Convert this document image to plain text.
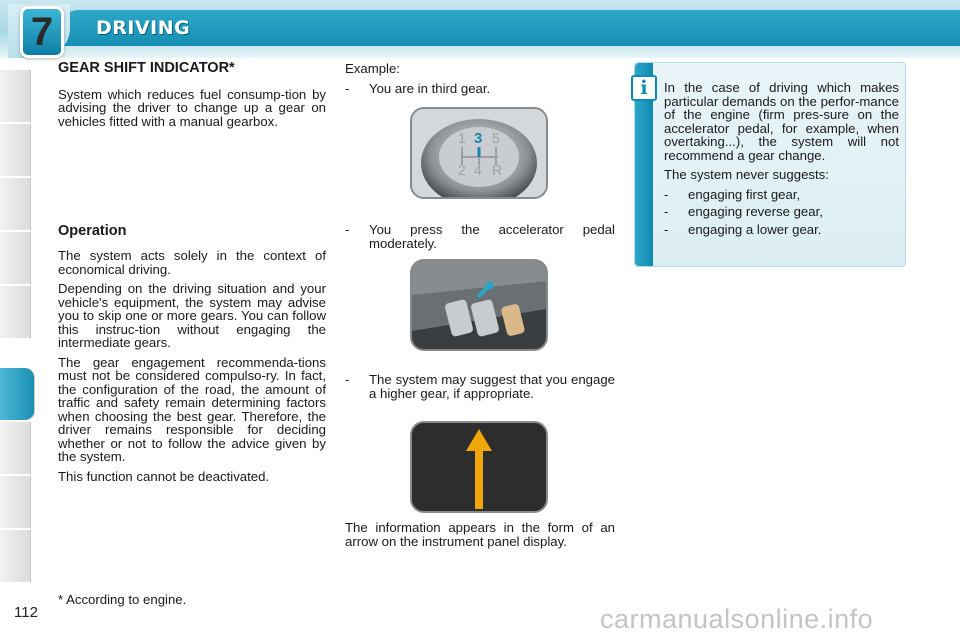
7	DRIVING
112
GEAR SHIFT INDICATOR*

System which reduces fuel consump-tion by advising the driver to change up a gear on vehicles fitted with a manual gearbox.

Operation

The system acts solely in the context of economical driving.

Depending on the driving situation and your vehicle's equipment, the system may advise you to skip one or more gears. You can follow this instruc-tion without engaging the intermediate gears.

The gear engagement recommenda-tions must not be considered compulso-ry. In fact, the configuration of the road, the amount of traffic and safety remain determining factors when choosing the best gear. Therefore, the driver remains responsible for deciding whether or not to follow the advice given by the system.

This function cannot be deactivated.

* According to engine.

Example:

-	You are in third gear.
1 3 5
2 4 R
-	You press the accelerator pedal moderately.
-	The system may suggest that you engage a higher gear, if appropriate.

The information appears in the form of an arrow on the instrument panel display.

i	In the case of driving which makes particular demands on the perfor-mance of the engine (firm pres-sure on the accelerator pedal, for example, when overtaking...), the system will not recommend a gear change.

The system never suggests:

-	engaging first gear,
-	engaging reverse gear,
-	engaging a lower gear.
carmanualsonline.info
